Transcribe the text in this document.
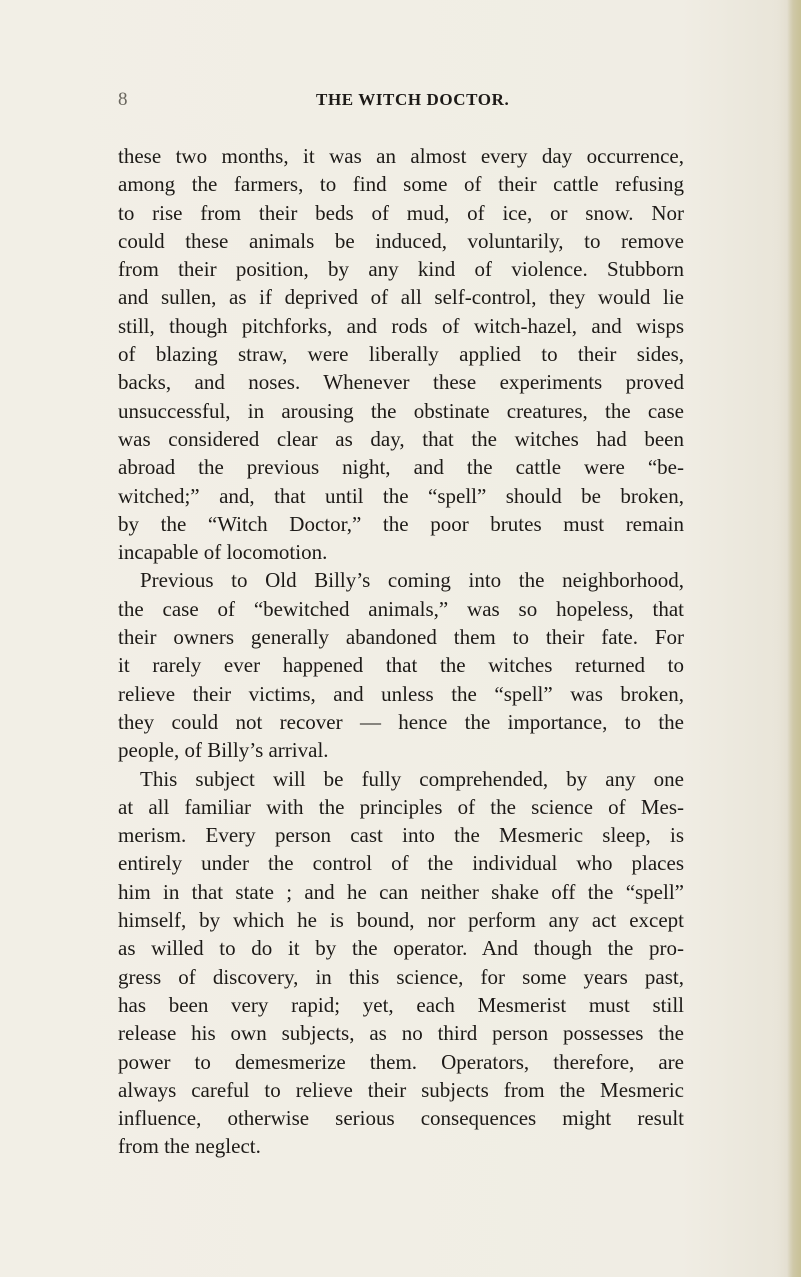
8	THE WITCH DOCTOR.
these two months, it was an almost every day occurrence,
among the farmers, to find some of their cattle refusing
to rise from their beds of mud, of ice, or snow. Nor
could these animals be induced, voluntarily, to remove
from their position, by any kind of violence. Stubborn
and sullen, as if deprived of all self-control, they would lie
still, though pitchforks, and rods of witch-hazel, and wisps
of blazing straw, were liberally applied to their sides,
backs, and noses. Whenever these experiments proved
unsuccessful, in arousing the obstinate creatures, the case
was considered clear as day, that the witches had been
abroad the previous night, and the cattle were “be-
witched;” and, that until the “spell” should be broken,
by the “Witch Doctor,” the poor brutes must remain
incapable of locomotion.
Previous to Old Billy’s coming into the neighborhood,
the case of “bewitched animals,” was so hopeless, that
their owners generally abandoned them to their fate. For
it rarely ever happened that the witches returned to
relieve their victims, and unless the “spell” was broken,
they could not recover — hence the importance, to the
people, of Billy’s arrival.
This subject will be fully comprehended, by any one
at all familiar with the principles of the science of Mes-
merism. Every person cast into the Mesmeric sleep, is
entirely under the control of the individual who places
him in that state ; and he can neither shake off the “spell”
himself, by which he is bound, nor perform any act except
as willed to do it by the operator. And though the pro-
gress of discovery, in this science, for some years past,
has been very rapid; yet, each Mesmerist must still
release his own subjects, as no third person possesses the
power to demesmerize them. Operators, therefore, are
always careful to relieve their subjects from the Mesmeric
influence, otherwise serious consequences might result
from the neglect.
